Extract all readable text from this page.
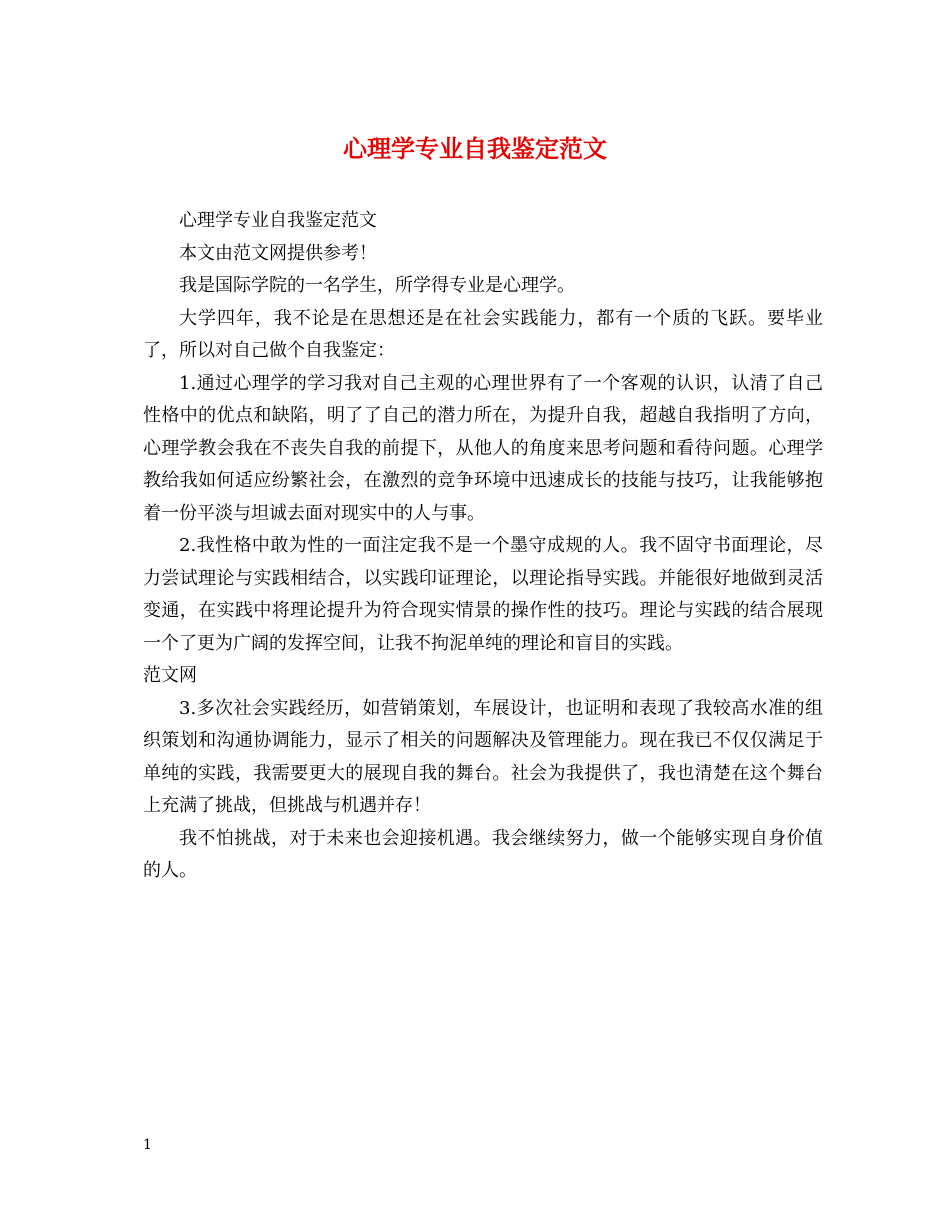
心理学专业自我鉴定范文

心理学专业自我鉴定范文

本文由范文网提供参考！

我是国际学院的一名学生，所学得专业是心理学。

大学四年，我不论是在思想还是在社会实践能力，都有一个质的飞跃。要毕业了，所以对自己做个自我鉴定：

1.通过心理学的学习我对自己主观的心理世界有了一个客观的认识，认清了自己性格中的优点和缺陷，明了了自己的潜力所在，为提升自我，超越自我指明了方向，心理学教会我在不丧失自我的前提下，从他人的角度来思考问题和看待问题。心理学教给我如何适应纷繁社会，在激烈的竞争环境中迅速成长的技能与技巧，让我能够抱着一份平淡与坦诚去面对现实中的人与事。

2.我性格中敢为性的一面注定我不是一个墨守成规的人。我不固守书面理论，尽力尝试理论与实践相结合，以实践印证理论，以理论指导实践。并能很好地做到灵活变通，在实践中将理论提升为符合现实情景的操作性的技巧。理论与实践的结合展现一个了更为广阔的发挥空间，让我不拘泥单纯的理论和盲目的实践。

范文网

3.多次社会实践经历，如营销策划，车展设计，也证明和表现了我较高水准的组织策划和沟通协调能力，显示了相关的问题解决及管理能力。现在我已不仅仅满足于单纯的实践，我需要更大的展现自我的舞台。社会为我提供了，我也清楚在这个舞台上充满了挑战，但挑战与机遇并存！

我不怕挑战，对于未来也会迎接机遇。我会继续努力，做一个能够实现自身价值的人。

1
